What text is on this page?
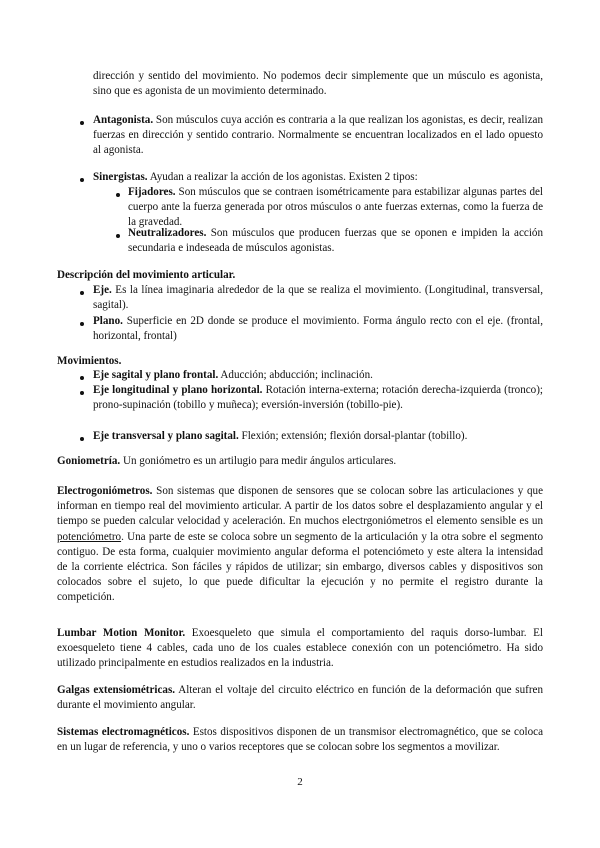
dirección y sentido del movimiento. No podemos decir simplemente que un músculo es agonista, sino que es agonista de un movimiento determinado.
Antagonista. Son músculos cuya acción es contraria a la que realizan los agonistas, es decir, realizan fuerzas en dirección y sentido contrario. Normalmente se encuentran localizados en el lado opuesto al agonista.
Sinergistas. Ayudan a realizar la acción de los agonistas. Existen 2 tipos:
Fijadores. Son músculos que se contraen isométricamente para estabilizar algunas partes del cuerpo ante la fuerza generada por otros músculos o ante fuerzas externas, como la fuerza de la gravedad.
Neutralizadores. Son músculos que producen fuerzas que se oponen e impiden la acción secundaria e indeseada de músculos agonistas.
Descripción del movimiento articular.
Eje. Es la línea imaginaria alrededor de la que se realiza el movimiento. (Longitudinal, transversal, sagital).
Plano. Superficie en 2D donde se produce el movimiento. Forma ángulo recto con el eje. (frontal, horizontal, frontal)
Movimientos.
Eje sagital y plano frontal. Aducción; abducción; inclinación.
Eje longitudinal y plano horizontal. Rotación interna-externa; rotación derecha-izquierda (tronco); prono-supinación (tobillo y muñeca); eversión-inversión (tobillo-pie).
Eje transversal y plano sagital. Flexión; extensión; flexión dorsal-plantar (tobillo).
Goniometría. Un goniómetro es un artilugio para medir ángulos articulares.
Electrogoniómetros. Son sistemas que disponen de sensores que se colocan sobre las articulaciones y que informan en tiempo real del movimiento articular. A partir de los datos sobre el desplazamiento angular y el tiempo se pueden calcular velocidad y aceleración. En muchos electrgoniómetros el elemento sensible es un potenciómetro. Una parte de este se coloca sobre un segmento de la articulación y la otra sobre el segmento contiguo. De esta forma, cualquier movimiento angular deforma el potenciómeto y este altera la intensidad de la corriente eléctrica. Son fáciles y rápidos de utilizar; sin embargo, diversos cables y dispositivos son colocados sobre el sujeto, lo que puede dificultar la ejecución y no permite el registro durante la competición.
Lumbar Motion Monitor. Exoesqueleto que simula el comportamiento del raquis dorso-lumbar. El exoesqueleto tiene 4 cables, cada uno de los cuales establece conexión con un potenciómetro. Ha sido utilizado principalmente en estudios realizados en la industria.
Galgas extensiométricas. Alteran el voltaje del circuito eléctrico en función de la deformación que sufren durante el movimiento angular.
Sistemas electromagnéticos. Estos dispositivos disponen de un transmisor electromagnético, que se coloca en un lugar de referencia, y uno o varios receptores que se colocan sobre los segmentos a movilizar.
2
